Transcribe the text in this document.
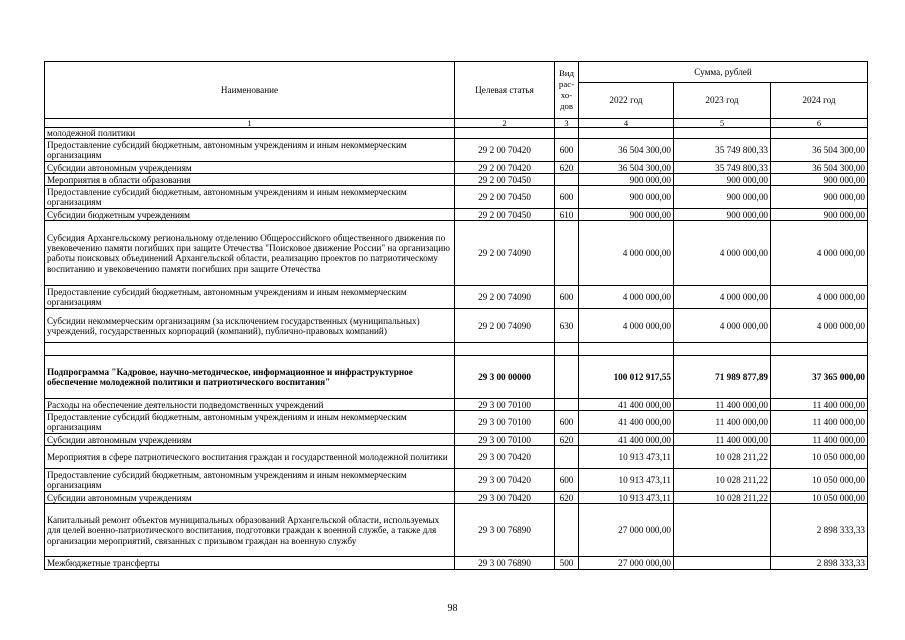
Наименование	Целевая статья	Вид рас- хо- дов	Сумма, рублей		
			2022 год	2023 год	2024 год
1	2	3	4	5	6
молодежной политики					
Предоставление субсидий бюджетным, автономным учреждениям и иным некоммерческим организациям	29 2 00 70420	600	36 504 300,00	35 749 800,33	36 504 300,00
Субсидии автономным учреждениям	29 2 00 70420	620	36 504 300,00	35 749 800,33	36 504 300,00
Мероприятия в области образования	29 2 00 70450		900 000,00	900 000,00	900 000,00
Предоставление субсидий бюджетным, автономным учреждениям и иным некоммерческим организациям	29 2 00 70450	600	900 000,00	900 000,00	900 000,00
Субсидии бюджетным учреждениям	29 2 00 70450	610	900 000,00	900 000,00	900 000,00
Субсидия Архангельскому региональному отделению Общероссийского общественного движения по увековечению памяти погибших при защите Отечества "Поисковое движение России" на организацию работы поисковых объединений Архангельской области, реализацию проектов по патриотическому воспитанию и увековечению памяти погибших при защите Отечества	29 2 00 74090		4 000 000,00	4 000 000,00	4 000 000,00
Предоставление субсидий бюджетным, автономным учреждениям и иным некоммерческим организациям	29 2 00 74090	600	4 000 000,00	4 000 000,00	4 000 000,00
Субсидии некоммерческим организациям (за исключением государственных (муниципальных) учреждений, государственных корпораций (компаний), публично-правовых компаний)	29 2 00 74090	630	4 000 000,00	4 000 000,00	4 000 000,00

Подпрограмма "Кадровое, научно-методическое, информационное и инфраструктурное обеспечение молодежной политики и патриотического воспитания"	29 3 00 00000		100 012 917,55	71 989 877,89	37 365 000,00
Расходы на обеспечение деятельности подведомственных учреждений	29 3 00 70100		41 400 000,00	11 400 000,00	11 400 000,00
Предоставление субсидий бюджетным, автономным учреждениям и иным некоммерческим организациям	29 3 00 70100	600	41 400 000,00	11 400 000,00	11 400 000,00
Субсидии автономным учреждениям	29 3 00 70100	620	41 400 000,00	11 400 000,00	11 400 000,00
Мероприятия в сфере патриотического воспитания граждан и государственной молодежной политики	29 3 00 70420		10 913 473,11	10 028 211,22	10 050 000,00
Предоставление субсидий бюджетным, автономным учреждениям и иным некоммерческим организациям	29 3 00 70420	600	10 913 473,11	10 028 211,22	10 050 000,00
Субсидии автономным учреждениям	29 3 00 70420	620	10 913 473,11	10 028 211,22	10 050 000,00
Капитальный ремонт объектов муниципальных образований Архангельской области, используемых для целей военно-патриотического воспитания, подготовки граждан к военной службе, а также для организации мероприятий, связанных с призывом граждан на военную службу	29 3 00 76890		27 000 000,00		2 898 333,33
Межбюджетные трансферты	29 3 00 76890	500	27 000 000,00		2 898 333,33
98
